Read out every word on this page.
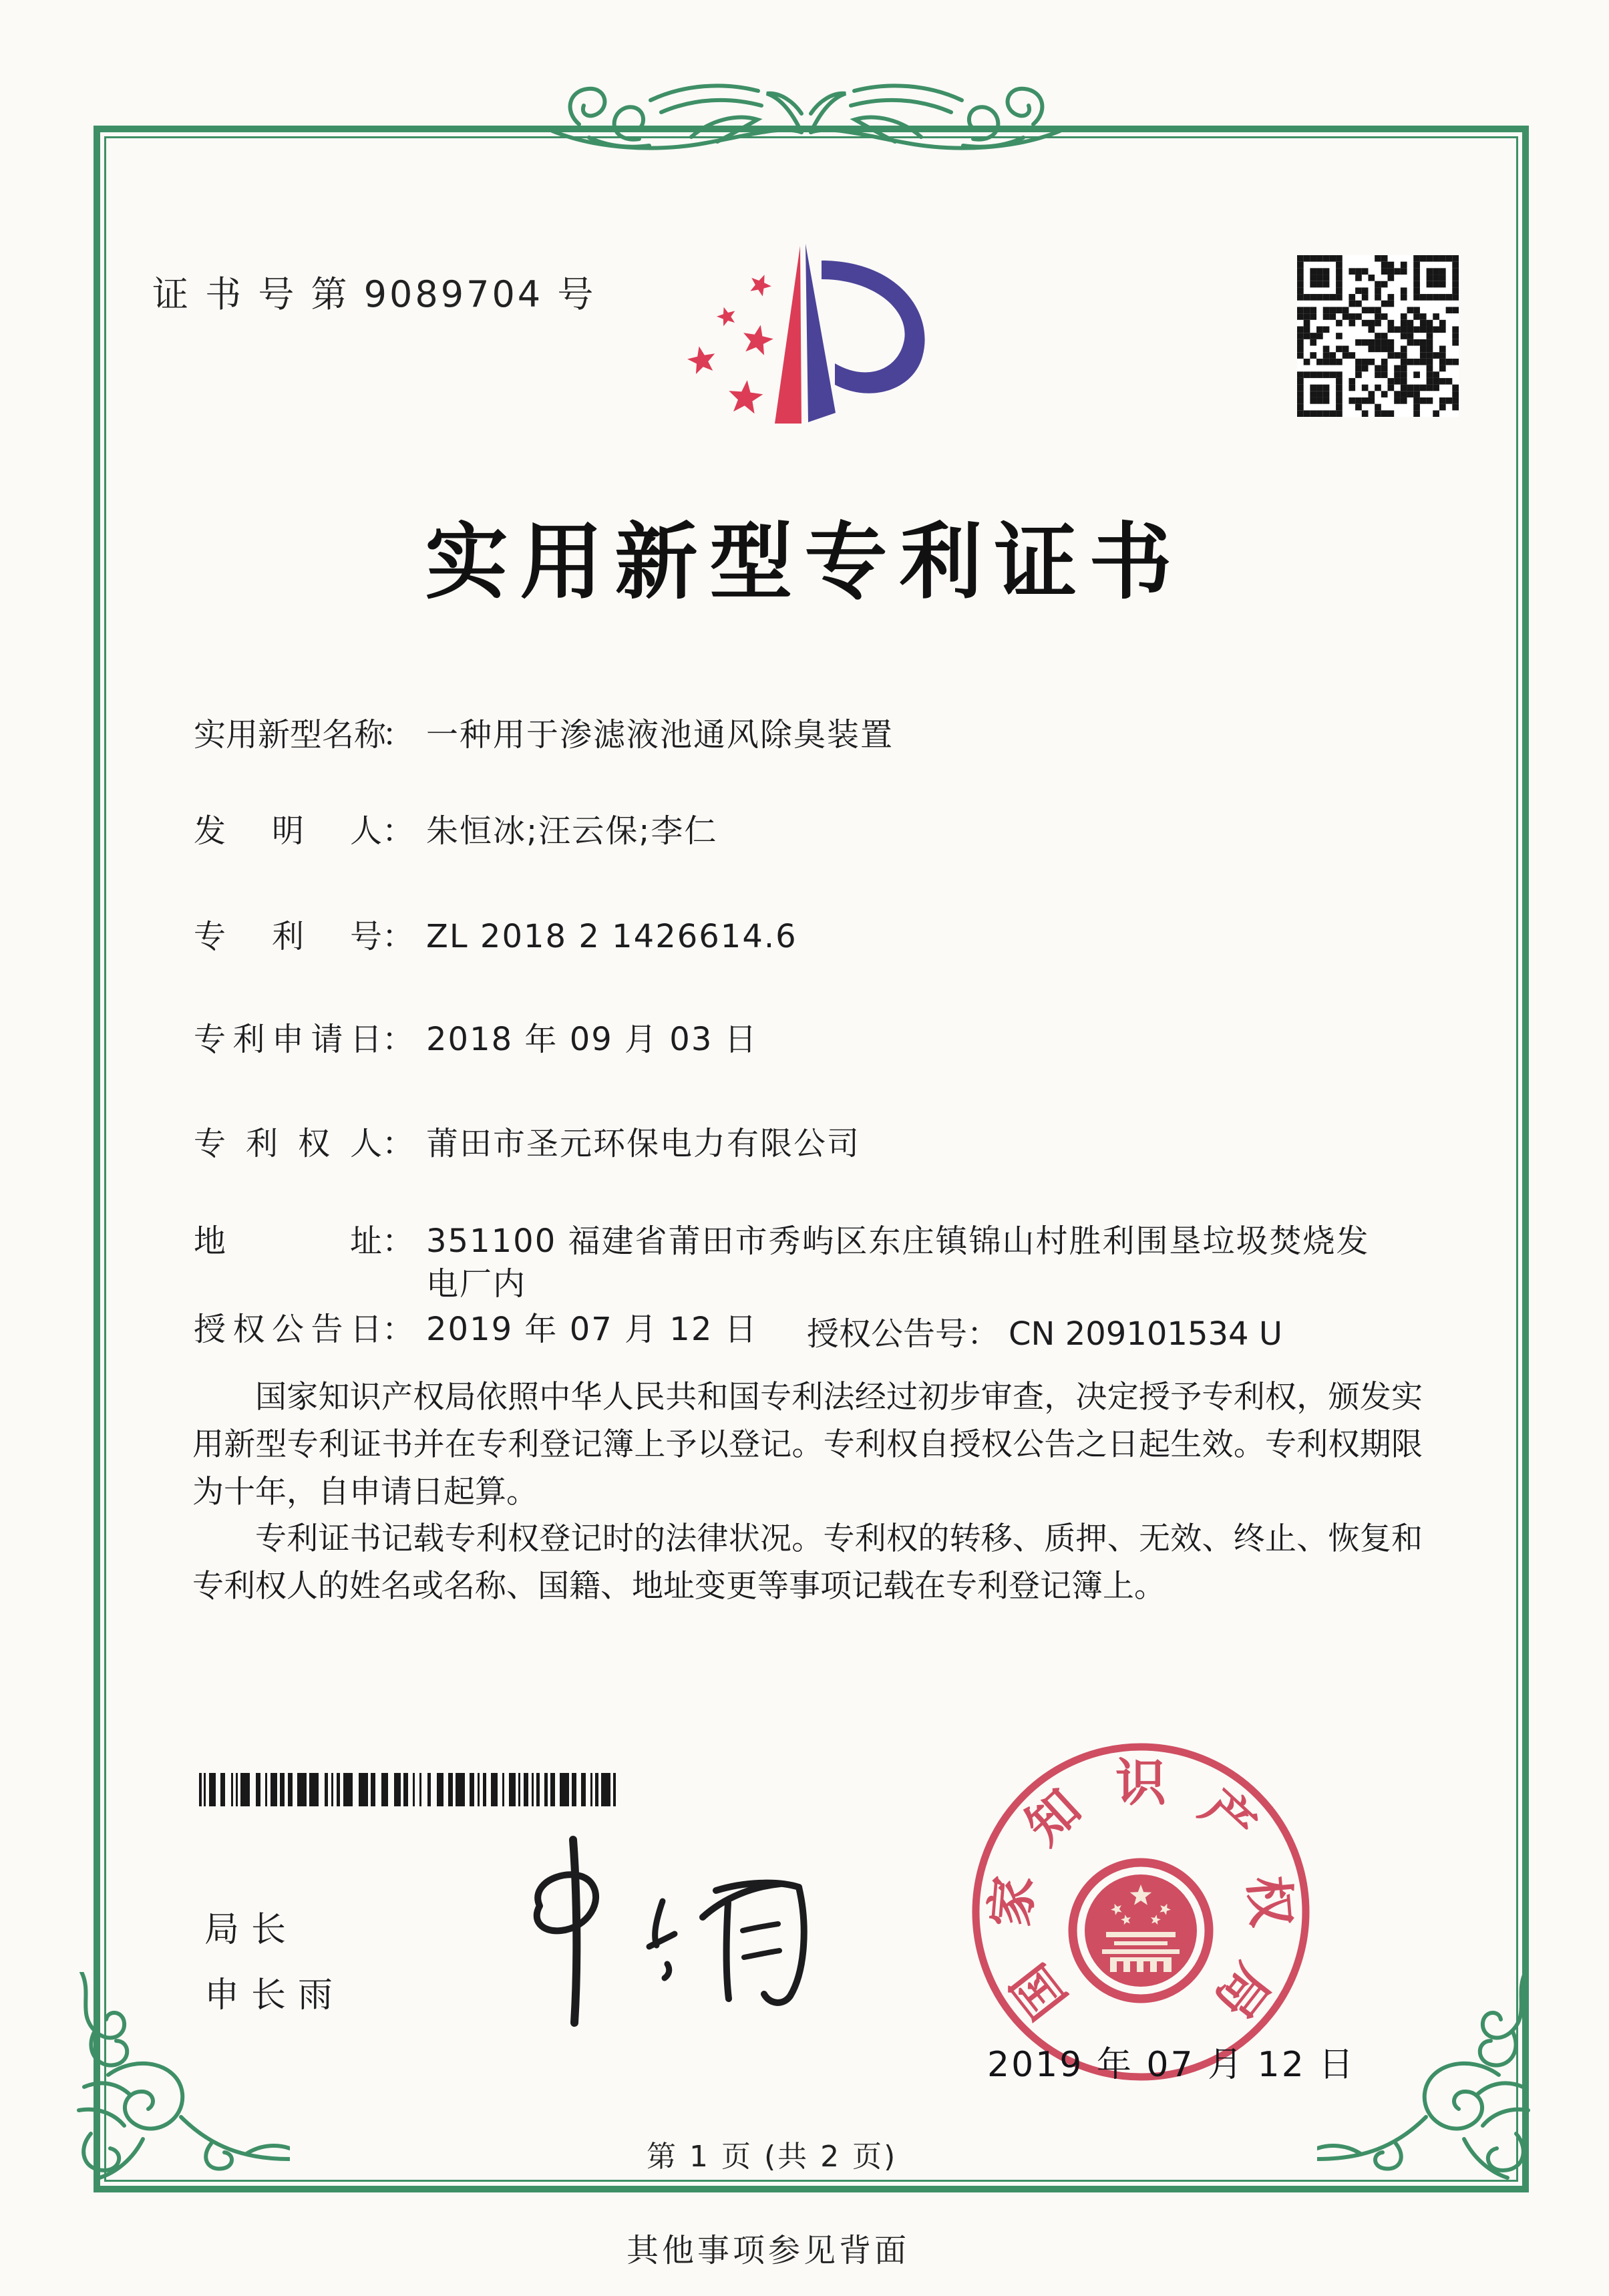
证 书 号 第 9089704 号
实用新型专利证书
实用新型名称： 一种用于渗滤液池通风除臭装置
发明人： 朱恒冰;汪云保;李仁
专利号： ZL 2018 2 1426614.6
专利申请日： 2018 年 09 月 03 日
专利权人： 莆田市圣元环保电力有限公司
地址： 351100 福建省莆田市秀屿区东庄镇锦山村胜利围垦垃圾焚烧发电厂内
授权公告日： 2019 年 07 月 12 日	授权公告号： CN 209101534 U
国家知识产权局依照中华人民共和国专利法经过初步审查，决定授予专利权，颁发实用新型专利证书并在专利登记簿上予以登记。专利权自授权公告之日起生效。专利权期限为十年，自申请日起算。
专利证书记载专利权登记时的法律状况。专利权的转移、质押、无效、终止、恢复和专利权人的姓名或名称、国籍、地址变更等事项记载在专利登记簿上。
局长
申长雨	国
家
知 识 产
权
局
2019 年 07 月 12 日
第 1 页 (共 2 页)
其他事项参见背面
